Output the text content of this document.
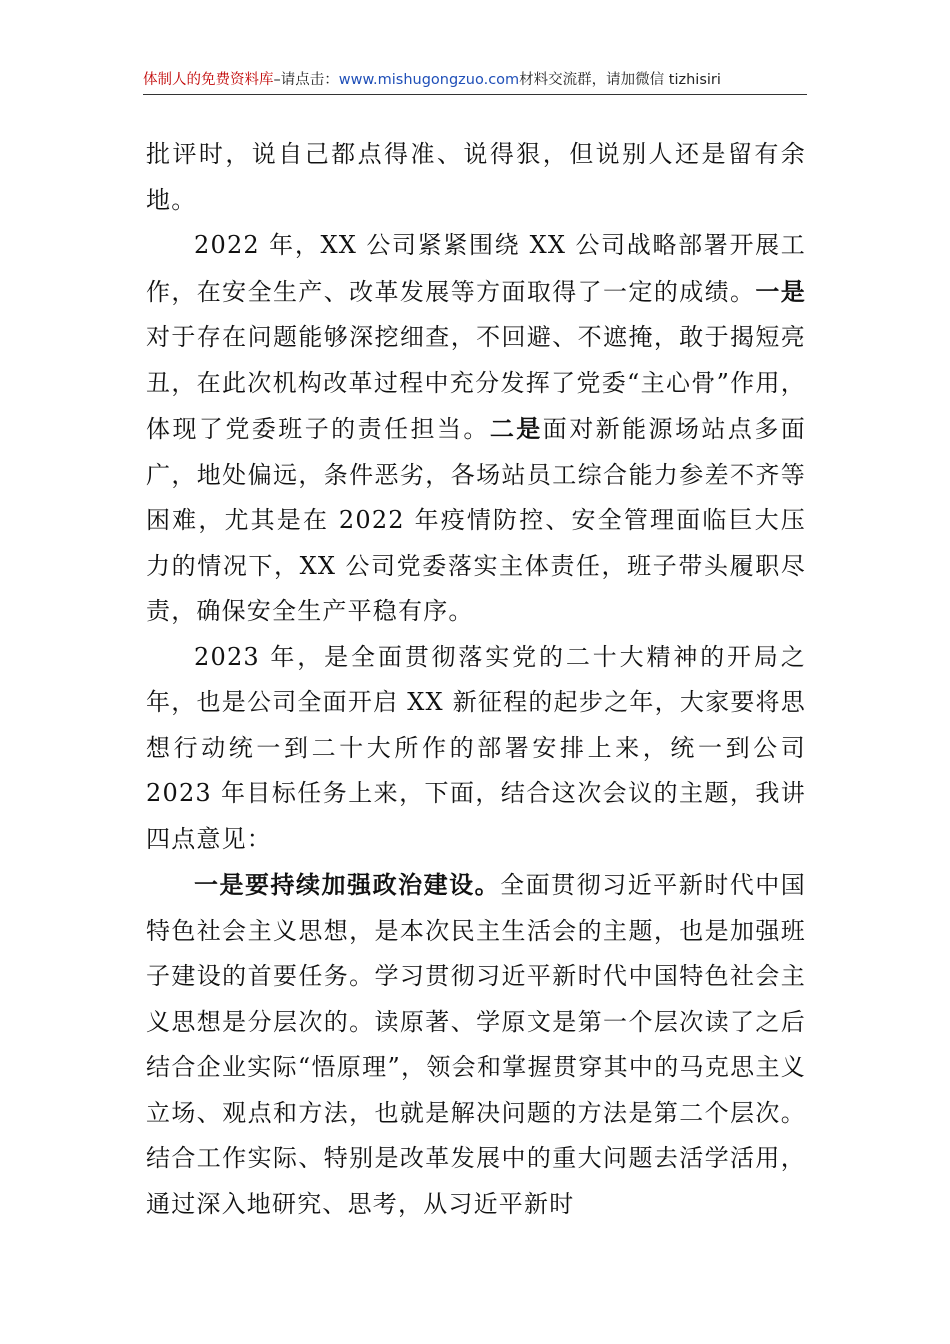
体制人的免费资料库–请点击：www.mishugongzuo.com材料交流群，请加微信 tizhisiri

批评时，说自己都点得准、说得狠，但说别人还是留有余地。

2022 年，XX 公司紧紧围绕 XX 公司战略部署开展工作，在安全生产、改革发展等方面取得了一定的成绩。一是对于存在问题能够深挖细查，不回避、不遮掩，敢于揭短亮丑，在此次机构改革过程中充分发挥了党委“主心骨”作用，体现了党委班子的责任担当。二是面对新能源场站点多面广，地处偏远，条件恶劣，各场站员工综合能力参差不齐等困难，尤其是在 2022 年疫情防控、安全管理面临巨大压力的情况下，XX 公司党委落实主体责任，班子带头履职尽责，确保安全生产平稳有序。

2023 年，是全面贯彻落实党的二十大精神的开局之年，也是公司全面开启 XX 新征程的起步之年，大家要将思想行动统一到二十大所作的部署安排上来，统一到公司 2023 年目标任务上来，下面，结合这次会议的主题，我讲四点意见：

一是要持续加强政治建设。全面贯彻习近平新时代中国特色社会主义思想，是本次民主生活会的主题，也是加强班子建设的首要任务。学习贯彻习近平新时代中国特色社会主义思想是分层次的。读原著、学原文是第一个层次读了之后结合企业实际“悟原理”，领会和掌握贯穿其中的马克思主义立场、观点和方法，也就是解决问题的方法是第二个层次。结合工作实际、特别是改革发展中的重大问题去活学活用，通过深入地研究、思考，从习近平新时
